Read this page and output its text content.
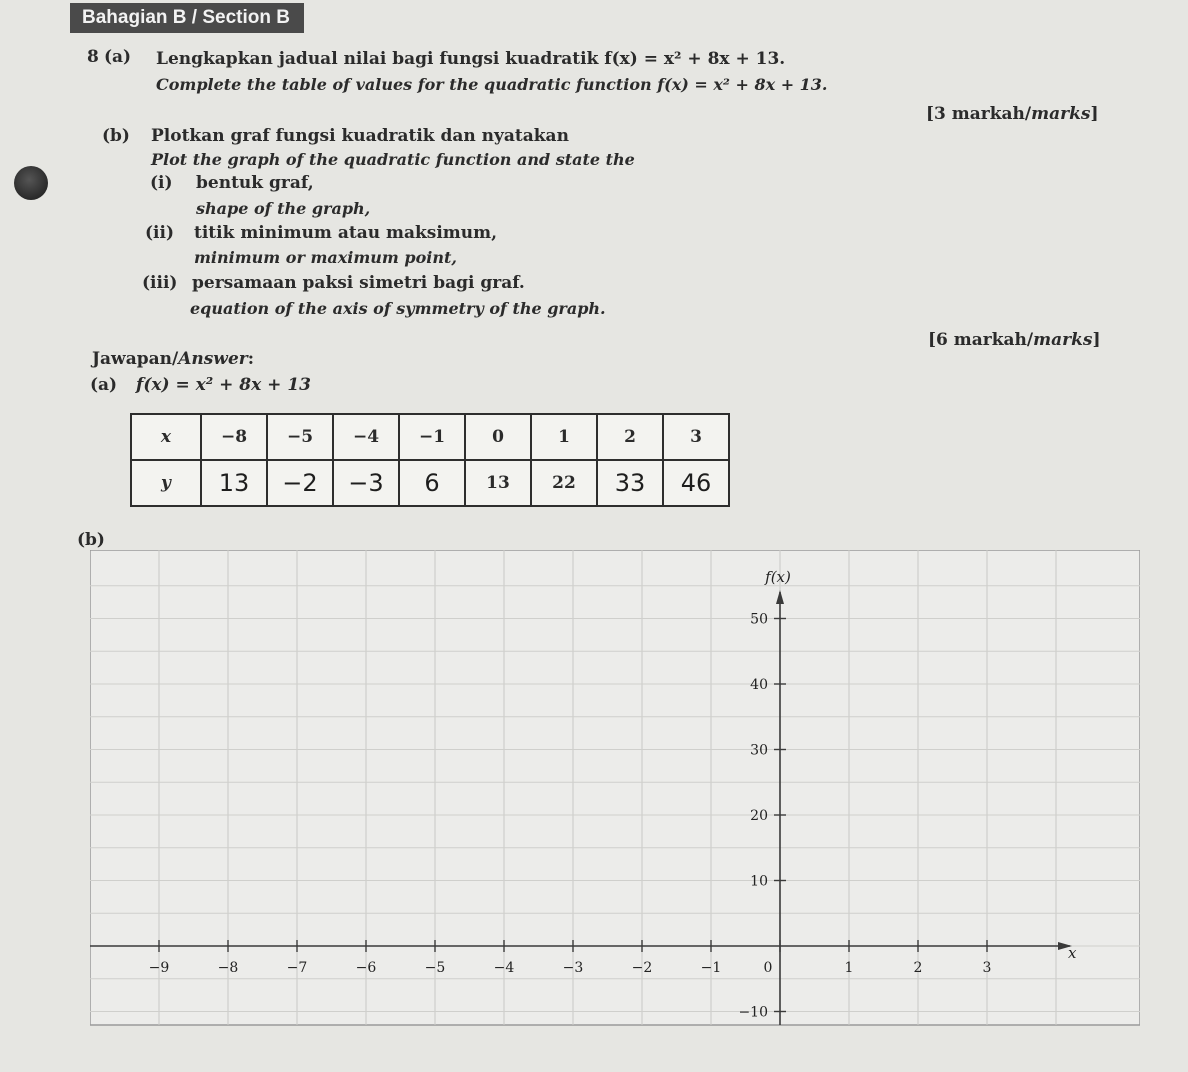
Bahagian B / Section B
8 (a) Lengkapkan jadual nilai bagi fungsi kuadratik f(x) = x² + 8x + 13.
Complete the table of values for the quadratic function f(x) = x² + 8x + 13.
[3 markah/marks]
(b) Plotkan graf fungsi kuadratik dan nyatakan
Plot the graph of the quadratic function and state the
(i) bentuk graf,
shape of the graph,
(ii) titik minimum atau maksimum,
minimum or maximum point,
(iii) persamaan paksi simetri bagi graf.
equation of the axis of symmetry of the graph.
[6 markah/marks]
Jawapan/Answer:
(a) f(x) = x² + 8x + 13
x	−8	−5	−4	−1	0	1	2	3
y	13	−2	−3	6	13	22	33	46
(b)
−9	−8	−7	−6	−5	−4	−3	−2	−1	0	1	2	3
50
40
30
20
10
−10
f(x)
x
